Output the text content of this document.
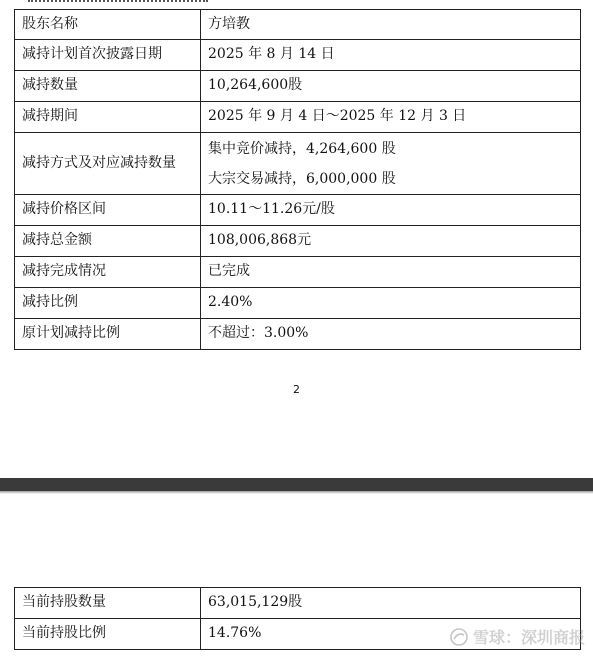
股东名称	方培教
减持计划首次披露日期	2025 年 8 月 14 日
减持数量	10,264,600股
减持期间	2025 年 9 月 4 日～2025 年 12 月 3 日
减持方式及对应减持数量	集中竞价减持，4,264,600 股
大宗交易减持，6,000,000 股

减持价格区间	10.11～11.26元/股
减持总金额	108,006,868元
减持完成情况	已完成
减持比例	2.40%
原计划减持比例	不超过：3.00%
2
当前持股数量	63,015,129股
当前持股比例	14.76%	雪球：深圳商报
